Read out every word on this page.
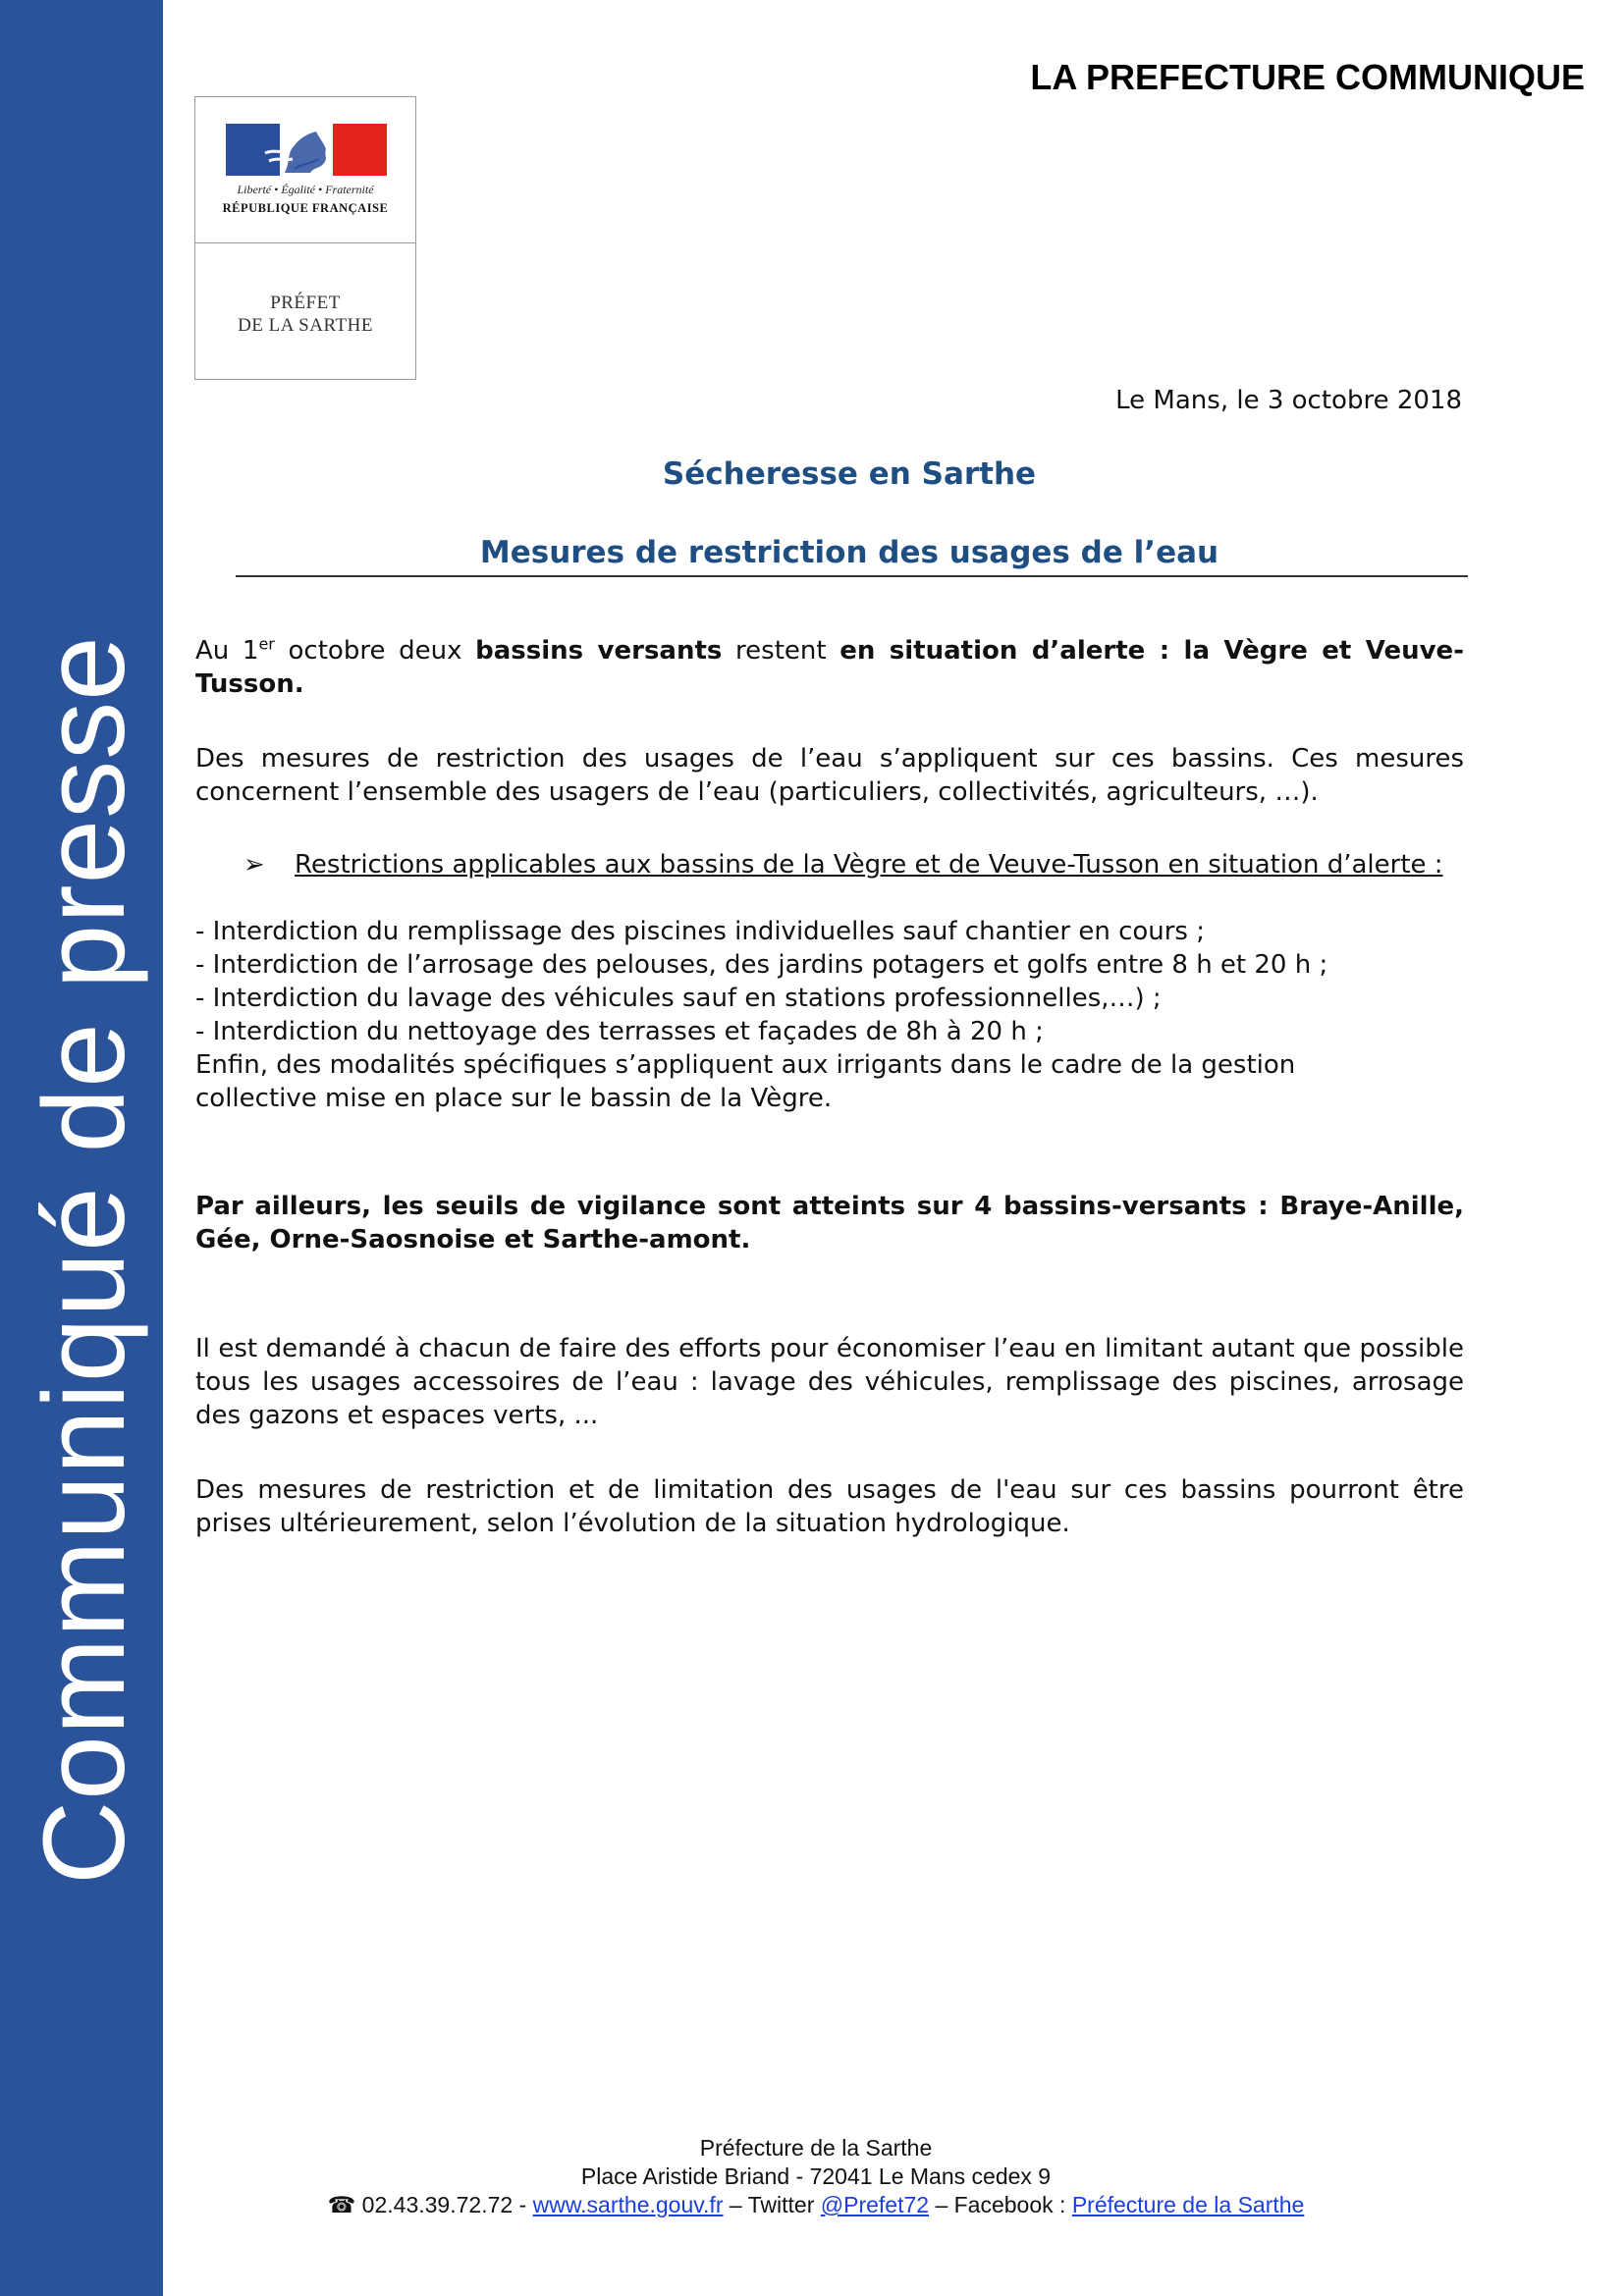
Communiqué de presse
LA PREFECTURE COMMUNIQUE
Liberté • Égalité • Fraternité
RÉPUBLIQUE FRANÇAISE
PRÉFET
DE LA SARTHE
Le Mans, le 3 octobre 2018
Sécheresse en Sarthe
Mesures de restriction des usages de l’eau
Au 1er octobre deux bassins versants restent en situation d’alerte : la Vègre et Veuve-Tusson.
Des mesures de restriction des usages de l’eau s’appliquent sur ces bassins. Ces mesures concernent l’ensemble des usagers de l’eau (particuliers, collectivités, agriculteurs, …).
➢ Restrictions applicables aux bassins de la Vègre et de Veuve-Tusson en situation d’alerte :
- Interdiction du remplissage des piscines individuelles sauf chantier en cours ;
- Interdiction de l’arrosage des pelouses, des jardins potagers et golfs entre 8 h et 20 h ;
- Interdiction du lavage des véhicules sauf en stations professionnelles,…) ;
- Interdiction du nettoyage des terrasses et façades de 8h à 20 h ;
Enfin, des modalités spécifiques s’appliquent aux irrigants dans le cadre de la gestion collective mise en place sur le bassin de la Vègre.
Par ailleurs, les seuils de vigilance sont atteints sur 4 bassins-versants : Braye-Anille, Gée, Orne-Saosnoise et Sarthe-amont.
Il est demandé à chacun de faire des efforts pour économiser l’eau en limitant autant que possible tous les usages accessoires de l’eau : lavage des véhicules, remplissage des piscines, arrosage des gazons et espaces verts, ...
Des mesures de restriction et de limitation des usages de l'eau sur ces bassins pourront être prises ultérieurement, selon l’évolution de la situation hydrologique.
Préfecture de la Sarthe
Place Aristide Briand - 72041 Le Mans cedex 9
☎ 02.43.39.72.72 - www.sarthe.gouv.fr – Twitter @Prefet72 – Facebook : Préfecture de la Sarthe
